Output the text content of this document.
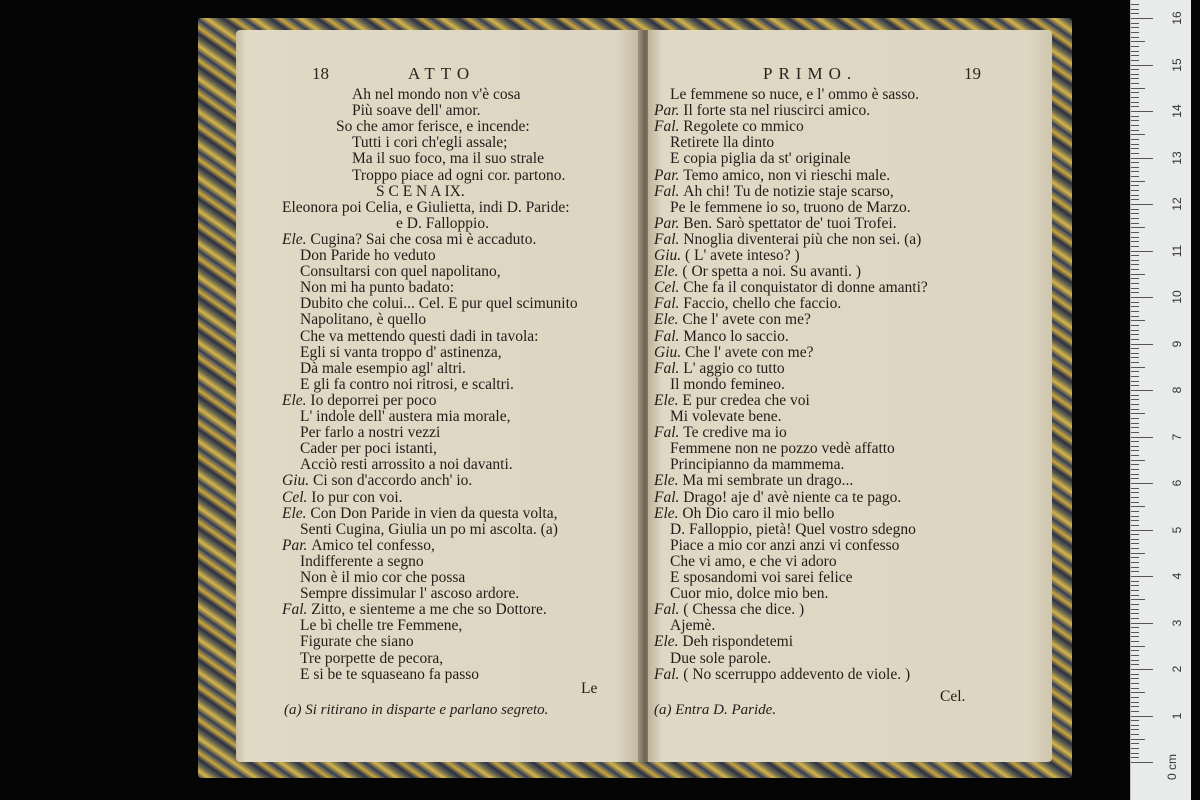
18	ATTO
Ah nel mondo non v'è cosa
Più soave dell' amor.
So che amor ferisce, e incende:
Tutti i cori ch'egli assale;
Ma il suo foco, ma il suo strale
Troppo piace ad ogni cor. partono.
S C E N A IX.
Eleonora poi Celia, e Giulietta, indi D. Paride:
e D. Falloppio.
Ele. Cugina? Sai che cosa mi è accaduto.
Don Paride ho veduto
Consultarsi con quel napolitano,
Non mi ha punto badato:
Dubito che colui... Cel. E pur quel scimunito
Napolitano, è quello
Che va mettendo questi dadi in tavola:
Egli si vanta troppo d' astinenza,
Dà male esempio agl' altri.
E gli fa contro noi ritrosi, e scaltri.
Ele. Io deporrei per poco
L' indole dell' austera mia morale,
Per farlo a nostri vezzi
Cader per poci istanti,
Acciò resti arrossito a noi davanti.
Giu. Ci son d'accordo anch' io.
Cel. Io pur con voi.
Ele. Con Don Paride in vien da questa volta,
Senti Cugina, Giulia un po mi ascolta. (a)
Par. Amico tel confesso,
Indifferente a segno
Non è il mio cor che possa
Sempre dissimular l' ascoso ardore.
Fal. Zitto, e sienteme a me che so Dottore.
Le bì chelle tre Femmene,
Figurate che siano
Tre porpette de pecora,
E si be te squaseano fa passo
Le
(a) Si ritirano in disparte e parlano segreto.
PRIMO.	19
Le femmene so nuce, e l' ommo è sasso.
Par. Il forte sta nel riuscirci amico.
Fal. Regolete co mmico
Retirete lla dinto
E copia piglia da st' originale
Par. Temo amico, non vi rieschi male.
Fal. Ah chi! Tu de notizie staje scarso,
Pe le femmene io so, truono de Marzo.
Par. Ben. Sarò spettator de' tuoi Trofei.
Fal. Nnoglia diventerai più che non sei. (a)
Giu. ( L' avete inteso? )
Ele. ( Or spetta a noi. Su avanti. )
Cel. Che fa il conquistator di donne amanti?
Fal. Faccio, chello che faccio.
Ele. Che l' avete con me?
Fal. Manco lo saccio.
Giu. Che l' avete con me?
Fal. L' aggio co tutto
Il mondo femineo.
Ele. E pur credea che voi
Mi volevate bene.
Fal. Te credive ma io
Femmene non ne pozzo vedè affatto
Principianno da mammema.
Ele. Ma mi sembrate un drago...
Fal. Drago! aje d' avè niente ca te pago.
Ele. Oh Dio caro il mio bello
D. Falloppio, pietà! Quel vostro sdegno
Piace a mio cor anzi anzi vi confesso
Che vi amo, e che vi adoro
E sposandomi voi sarei felice
Cuor mio, dolce mio ben.
Fal. ( Chessa che dice. )
Ajemè.
Ele. Deh rispondetemi
Due sole parole.
Fal. ( No scerruppo addevento de viole. )
Cel.
(a) Entra D. Paride.
0 cm
1
2
3
4
5
6
7
8
9
10
11
12
13
14
15
16
